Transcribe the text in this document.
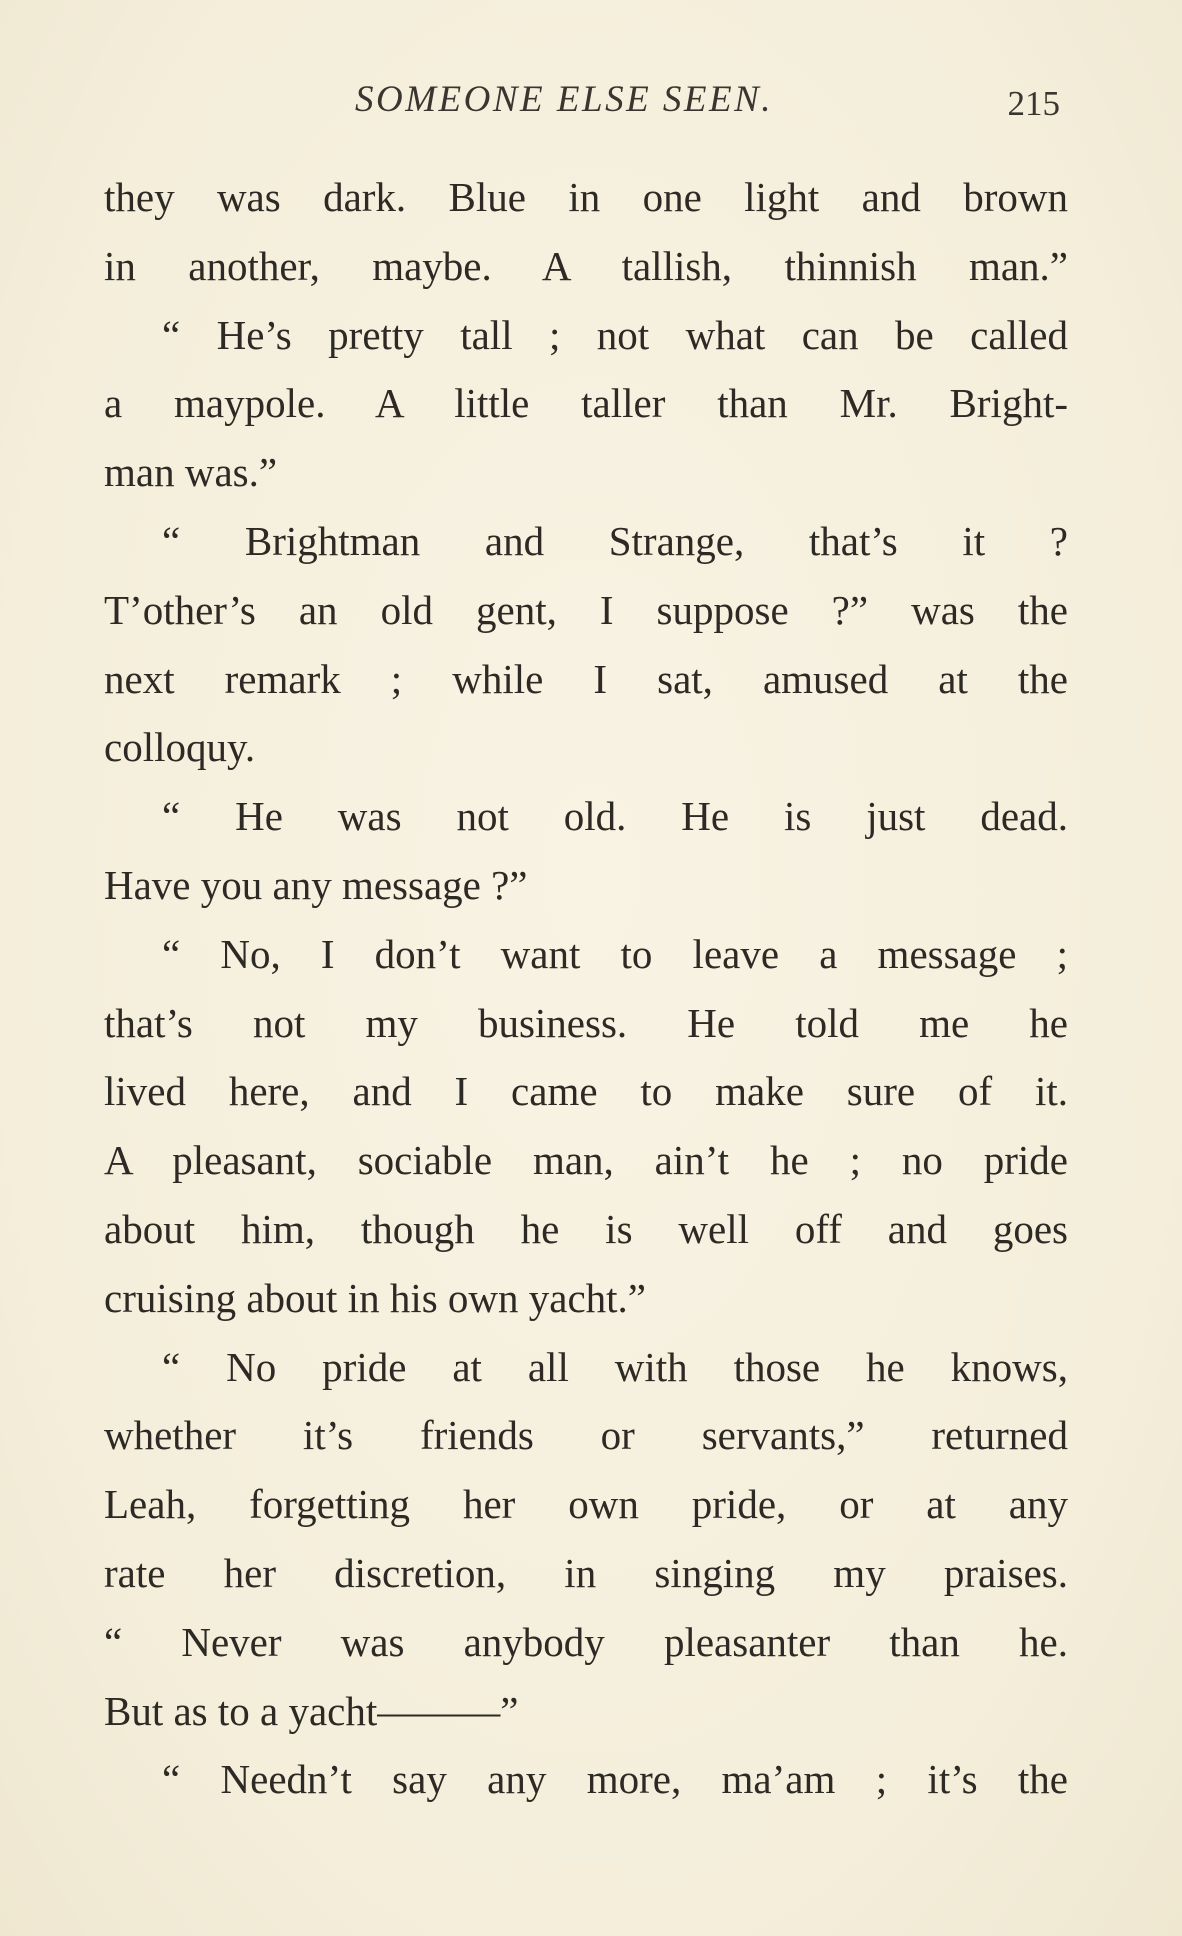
SOMEONE ELSE SEEN.	215
they was dark. Blue in one light and brown
in another, maybe. A tallish, thinnish man.”
“ He’s pretty tall ; not what can be called
a maypole. A little taller than Mr. Bright-
man was.”
“ Brightman and Strange, that’s it ?
T’other’s an old gent, I suppose ?” was the
next remark ; while I sat, amused at the
colloquy.
“ He was not old. He is just dead.
Have you any message ?”
“ No, I don’t want to leave a message ;
that’s not my business. He told me he
lived here, and I came to make sure of it.
A pleasant, sociable man, ain’t he ; no pride
about him, though he is well off and goes
cruising about in his own yacht.”
“ No pride at all with those he knows,
whether it’s friends or servants,” returned
Leah, forgetting her own pride, or at any
rate her discretion, in singing my praises.
“ Never was anybody pleasanter than he.
But as to a yacht———”
“ Needn’t say any more, ma’am ; it’s the
